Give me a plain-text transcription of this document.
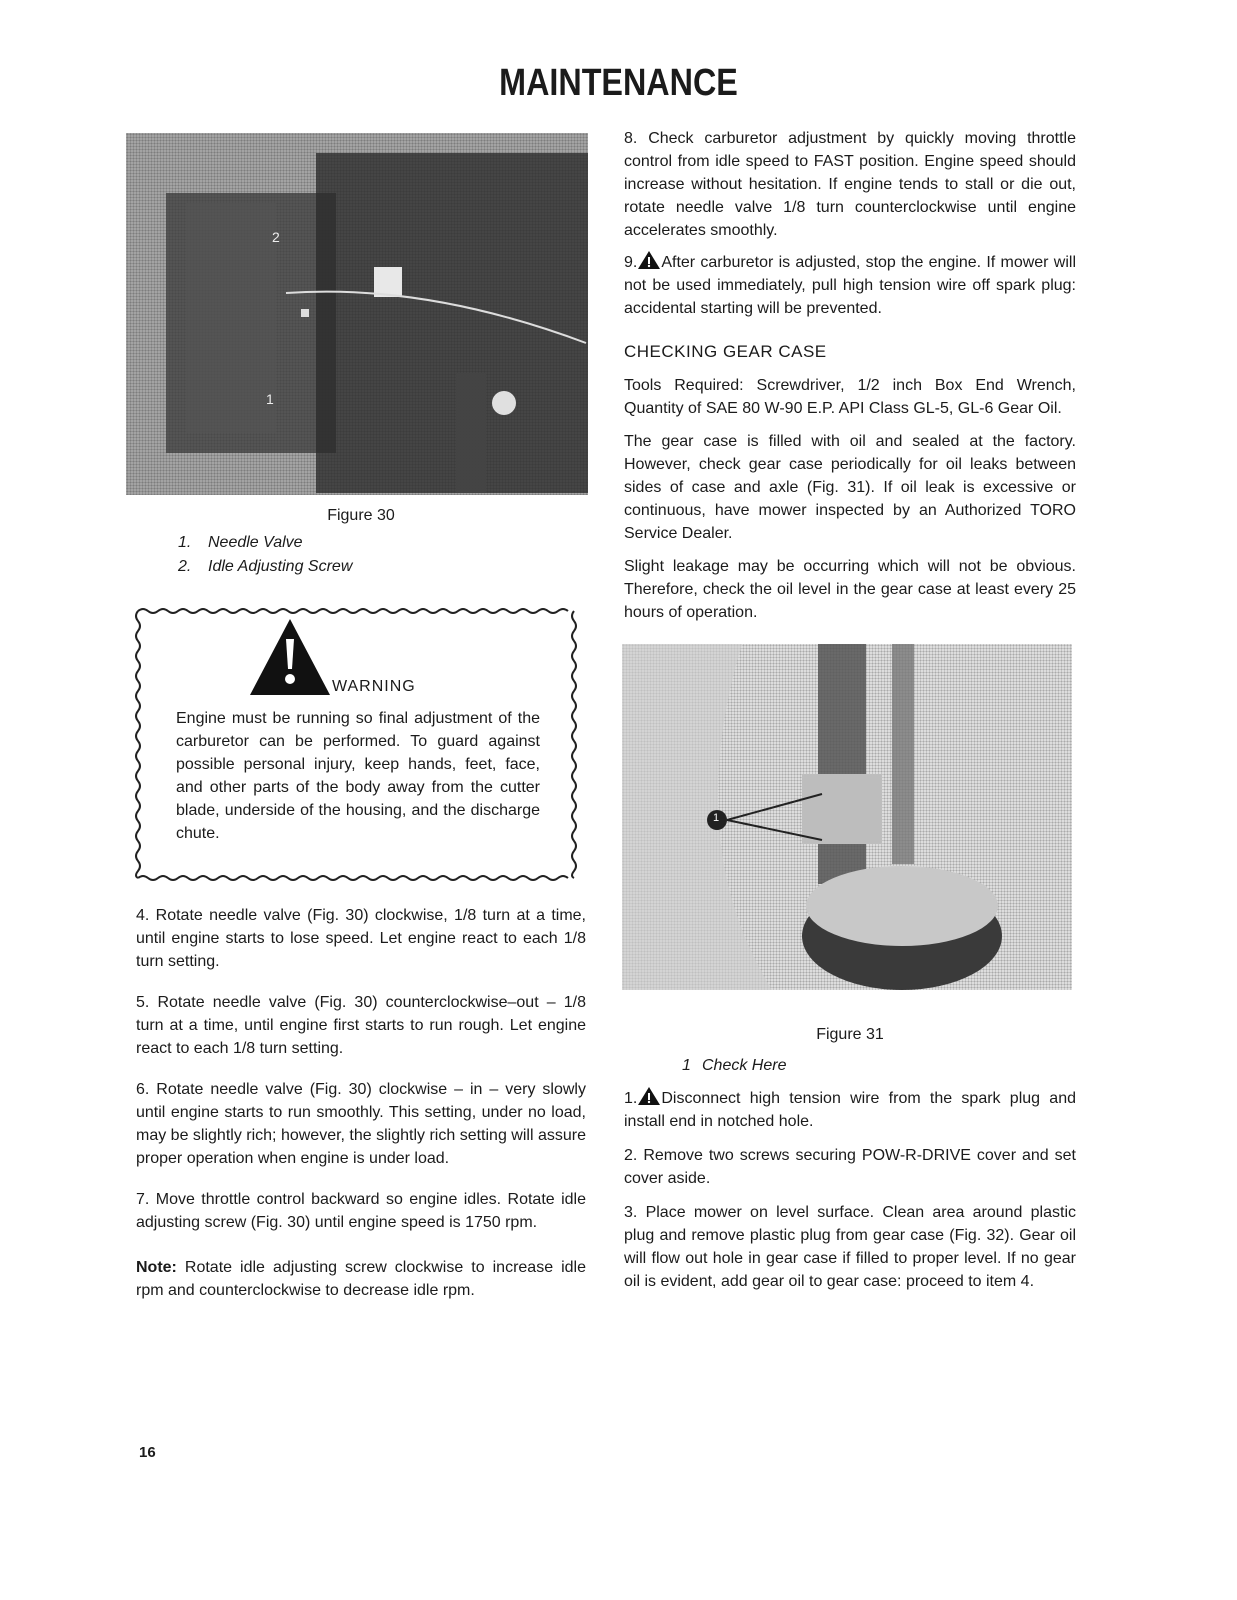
MAINTENANCE
2
1
Figure 30
1. Needle Valve
2. Idle Adjusting Screw
WARNING
Engine must be running so final adjustment of the carburetor can be performed. To guard against possible personal injury, keep hands, feet, face, and other parts of the body away from the cutter blade, underside of the housing, and the discharge chute.

4. Rotate needle valve (Fig. 30) clockwise, 1/8 turn at a time, until engine starts to lose speed. Let engine react to each 1/8 turn setting.

5. Rotate needle valve (Fig. 30) counterclockwise–out – 1/8 turn at a time, until engine first starts to run rough. Let engine react to each 1/8 turn setting.

6. Rotate needle valve (Fig. 30) clockwise – in – very slowly until engine starts to run smoothly. This setting, under no load, may be slightly rich; however, the slightly rich setting will assure proper operation when engine is under load.

7. Move throttle control backward so engine idles. Rotate idle adjusting screw (Fig. 30) until engine speed is 1750 rpm.

Note: Rotate idle adjusting screw clockwise to increase idle rpm and counterclockwise to decrease idle rpm.

8. Check carburetor adjustment by quickly moving throttle control from idle speed to FAST position. Engine speed should increase without hesitation. If engine tends to stall or die out, rotate needle valve 1/8 turn counterclockwise until engine accelerates smoothly.

9. After carburetor is adjusted, stop the engine. If mower will not be used immediately, pull high tension wire off spark plug: accidental starting will be prevented.

CHECKING GEAR CASE

Tools Required: Screwdriver, 1/2 inch Box End Wrench, Quantity of SAE 80 W-90 E.P. API Class GL-5, GL-6 Gear Oil.

The gear case is filled with oil and sealed at the factory. However, check gear case periodically for oil leaks between sides of case and axle (Fig. 31). If oil leak is excessive or continuous, have mower inspected by an Authorized TORO Service Dealer.

Slight leakage may be occurring which will not be obvious. Therefore, check the oil level in the gear case at least every 25 hours of operation.

1
Figure 31
1 Check Here

1. Disconnect high tension wire from the spark plug and install end in notched hole.

2. Remove two screws securing POW-R-DRIVE cover and set cover aside.

3. Place mower on level surface. Clean area around plastic plug and remove plastic plug from gear case (Fig. 32). Gear oil will flow out hole in gear case if filled to proper level. If no gear oil is evident, add gear oil to gear case: proceed to item 4.

16
